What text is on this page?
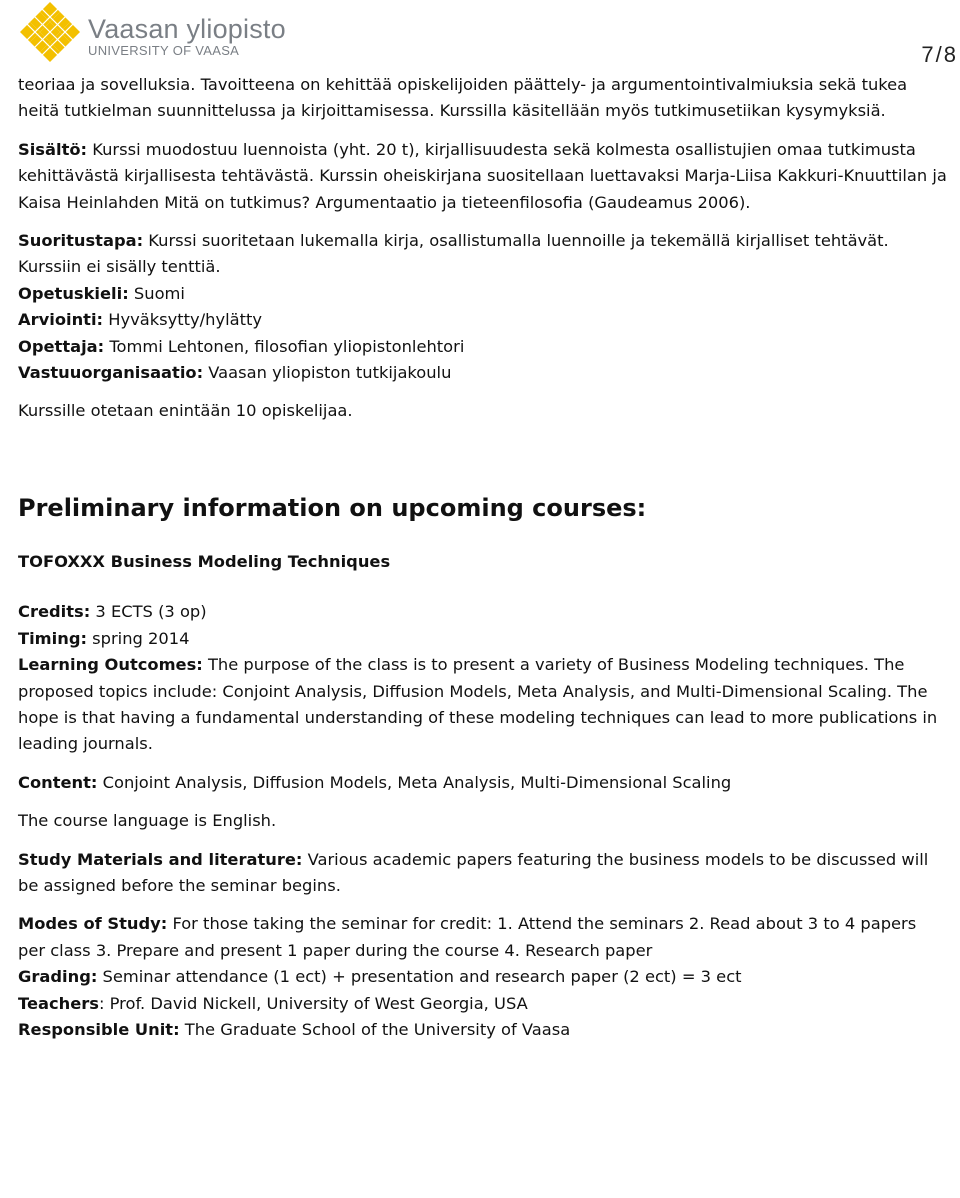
Vaasan yliopisto
UNIVERSITY OF VAASA	7/8

teoriaa ja sovelluksia. Tavoitteena on kehittää opiskelijoiden päättely- ja argumentointivalmiuksia sekä tukea heitä tutkielman suunnittelussa ja kirjoittamisessa. Kurssilla käsitellään myös tutkimusetiikan kysymyksiä.

Sisältö: Kurssi muodostuu luennoista (yht. 20 t), kirjallisuudesta sekä kolmesta osallistujien omaa tutkimusta kehittävästä kirjallisesta tehtävästä. Kurssin oheiskirjana suositellaan luettavaksi Marja-Liisa Kakkuri-Knuuttilan ja Kaisa Heinlahden Mitä on tutkimus? Argumentaatio ja tieteenfilosofia (Gaudeamus 2006).

Suoritustapa: Kurssi suoritetaan lukemalla kirja, osallistumalla luennoille ja tekemällä kirjalliset tehtävät. Kurssiin ei sisälly tenttiä.

Opetuskieli: Suomi

Arviointi: Hyväksytty/hylätty

Opettaja: Tommi Lehtonen, filosofian yliopistonlehtori

Vastuuorganisaatio: Vaasan yliopiston tutkijakoulu

Kurssille otetaan enintään 10 opiskelijaa.

Preliminary information on upcoming courses:

TOFOXXX Business Modeling Techniques

Credits: 3 ECTS (3 op)

Timing: spring 2014

Learning Outcomes: The purpose of the class is to present a variety of Business Modeling techniques. The proposed topics include: Conjoint Analysis, Diffusion Models, Meta Analysis, and Multi-Dimensional Scaling. The hope is that having a fundamental understanding of these modeling techniques can lead to more publications in leading journals.

Content: Conjoint Analysis, Diffusion Models, Meta Analysis, Multi-Dimensional Scaling

The course language is English.

Study Materials and literature: Various academic papers featuring the business models to be discussed will be assigned before the seminar begins.

Modes of Study: For those taking the seminar for credit: 1. Attend the seminars 2. Read about 3 to 4 papers per class 3. Prepare and present 1 paper during the course 4. Research paper

Grading: Seminar attendance (1 ect) + presentation and research paper (2 ect) = 3 ect

Teachers: Prof. David Nickell, University of West Georgia, USA

Responsible Unit: The Graduate School of the University of Vaasa
